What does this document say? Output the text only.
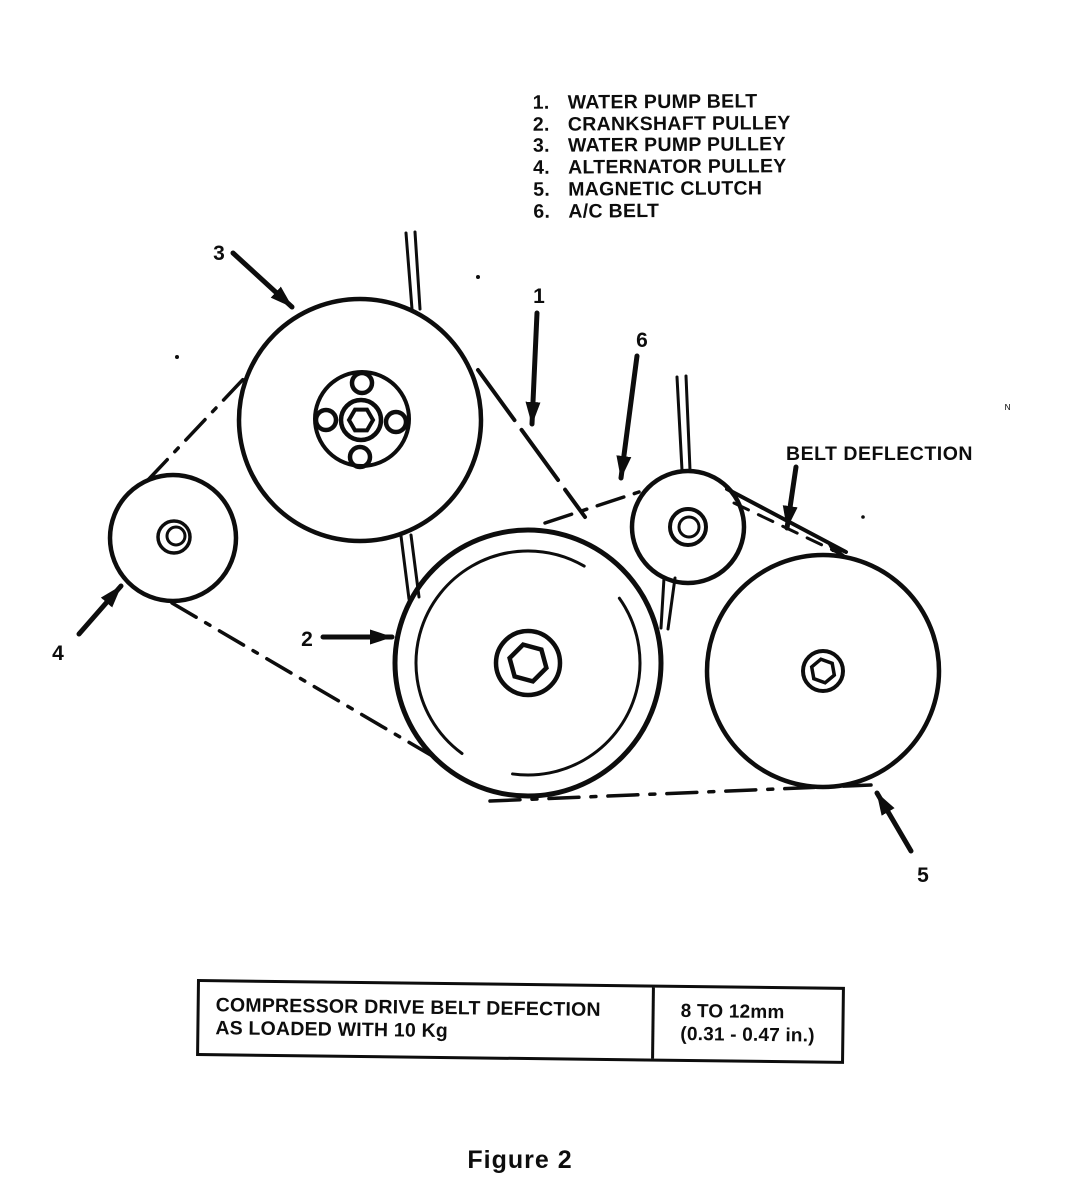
3
1
6
4
2
5
BELT DEFLECTION
ᴺ
1. WATER PUMP BELT
2. CRANKSHAFT PULLEY
3. WATER PUMP PULLEY
4. ALTERNATOR PULLEY
5. MAGNETIC CLUTCH
6. A/C BELT
COMPRESSOR DRIVE BELT DEFECTION
AS LOADED WITH 10 Kg
8 TO 12mm
(0.31 - 0.47 in.)
Figure 2
